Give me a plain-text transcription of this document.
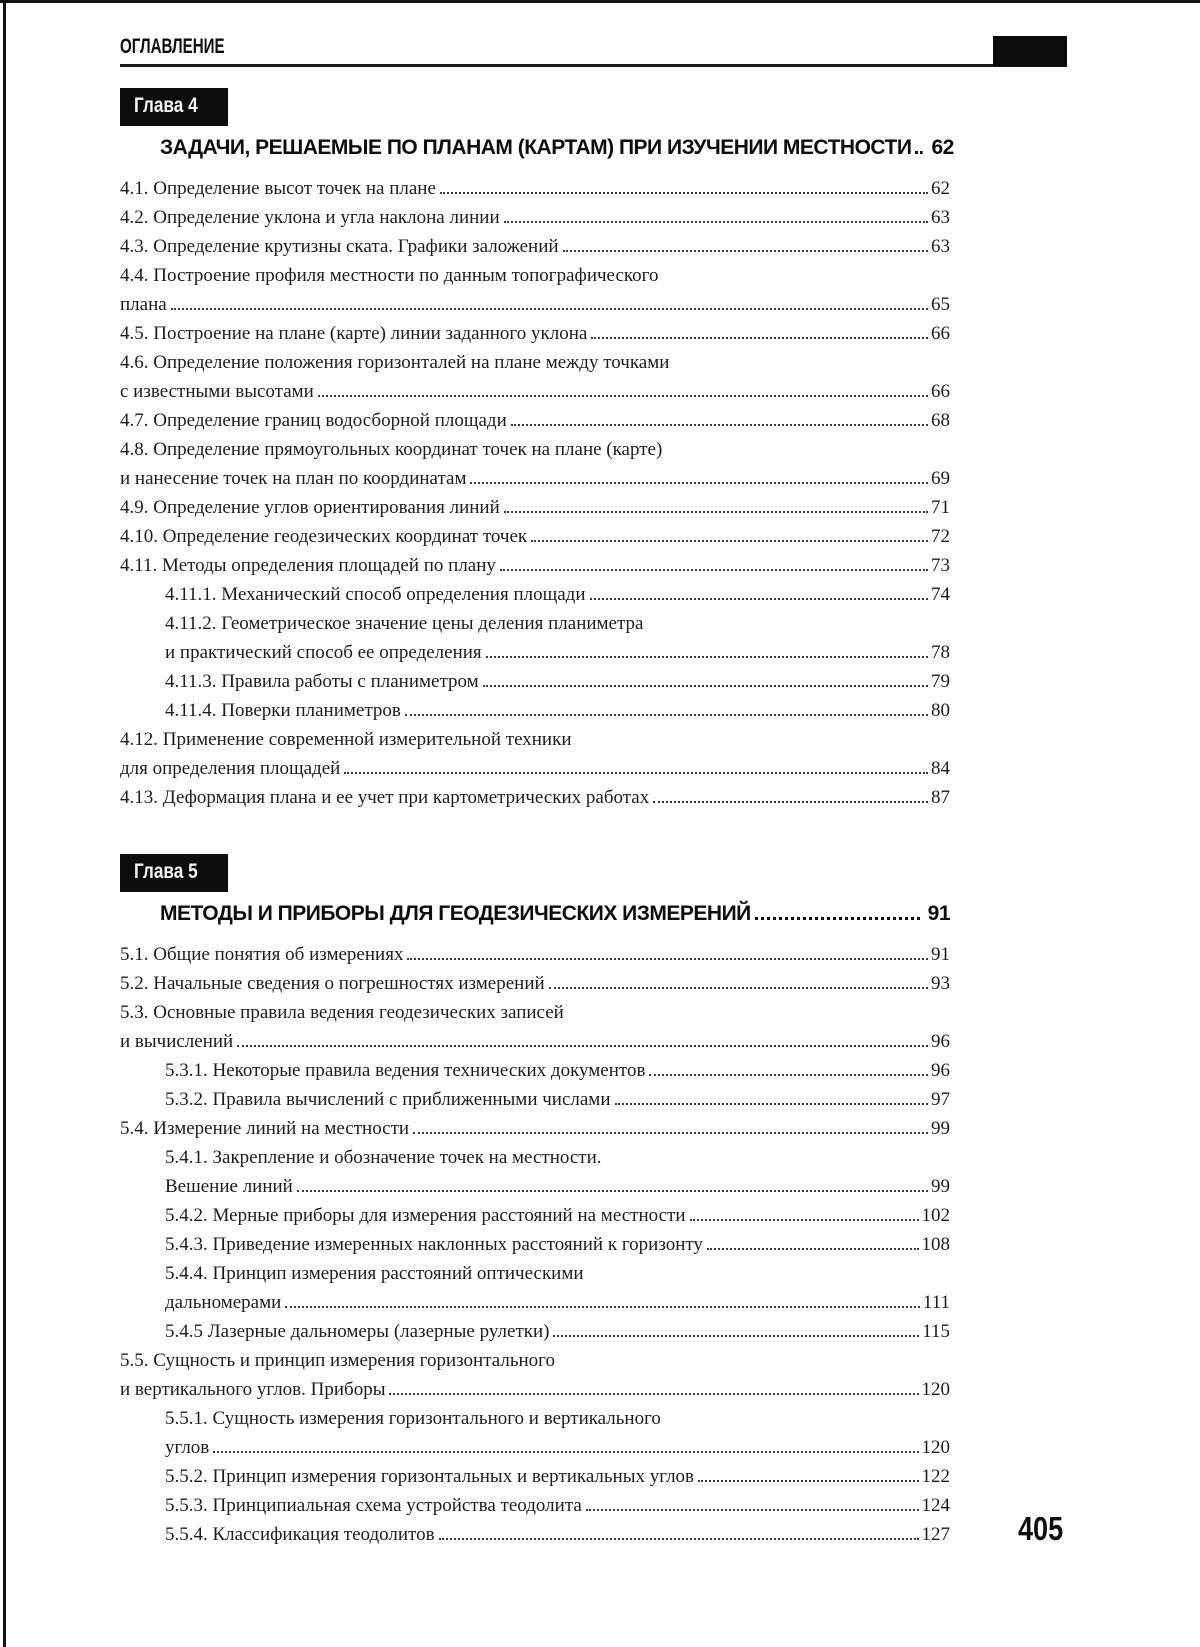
ОГЛАВЛЕНИЕ
Глава 4
ЗАДАЧИ, РЕШАЕМЫЕ ПО ПЛАНАМ (КАРТАМ) ПРИ ИЗУЧЕНИИ МЕСТНОСТИ 62
4.1. Определение высот точек на плане	62
4.2. Определение уклона и угла наклона линии	63
4.3. Определение крутизны ската. Графики заложений	63
4.4. Построение профиля местности по данным топографического
плана	65
4.5. Построение на плане (карте) линии заданного уклона	66
4.6. Определение положения горизонталей на плане между точками
с известными высотами	66
4.7. Определение границ водосборной площади	68
4.8. Определение прямоугольных координат точек на плане (карте)
и нанесение точек на план по координатам	69
4.9. Определение углов ориентирования линий	71
4.10. Определение геодезических координат точек	72
4.11. Методы определения площадей по плану	73
4.11.1. Механический способ определения площади	74
4.11.2. Геометрическое значение цены деления планиметра
и практический способ ее определения	78
4.11.3. Правила работы с планиметром	79
4.11.4. Поверки планиметров	80
4.12. Применение современной измерительной техники
для определения площадей	84
4.13. Деформация плана и ее учет при картометрических работах	87
Глава 5
МЕТОДЫ И ПРИБОРЫ ДЛЯ ГЕОДЕЗИЧЕСКИХ ИЗМЕРЕНИЙ	91
5.1. Общие понятия об измерениях	91
5.2. Начальные сведения о погрешностях измерений	93
5.3. Основные правила ведения геодезических записей
и вычислений	96
5.3.1. Некоторые правила ведения технических документов	96
5.3.2. Правила вычислений с приближенными числами	97
5.4. Измерение линий на местности	99
5.4.1. Закрепление и обозначение точек на местности.
Вешение линий	99
5.4.2. Мерные приборы для измерения расстояний на местности	102
5.4.3. Приведение измеренных наклонных расстояний к горизонту	108
5.4.4. Принцип измерения расстояний оптическими
дальномерами	111
5.4.5 Лазерные дальномеры (лазерные рулетки)	115
5.5. Сущность и принцип измерения горизонтального
и вертикального углов. Приборы	120
5.5.1. Сущность измерения горизонтального и вертикального
углов	120
5.5.2. Принцип измерения горизонтальных и вертикальных углов	122
5.5.3. Принципиальная схема устройства теодолита	124
5.5.4. Классификация теодолитов	127 405
